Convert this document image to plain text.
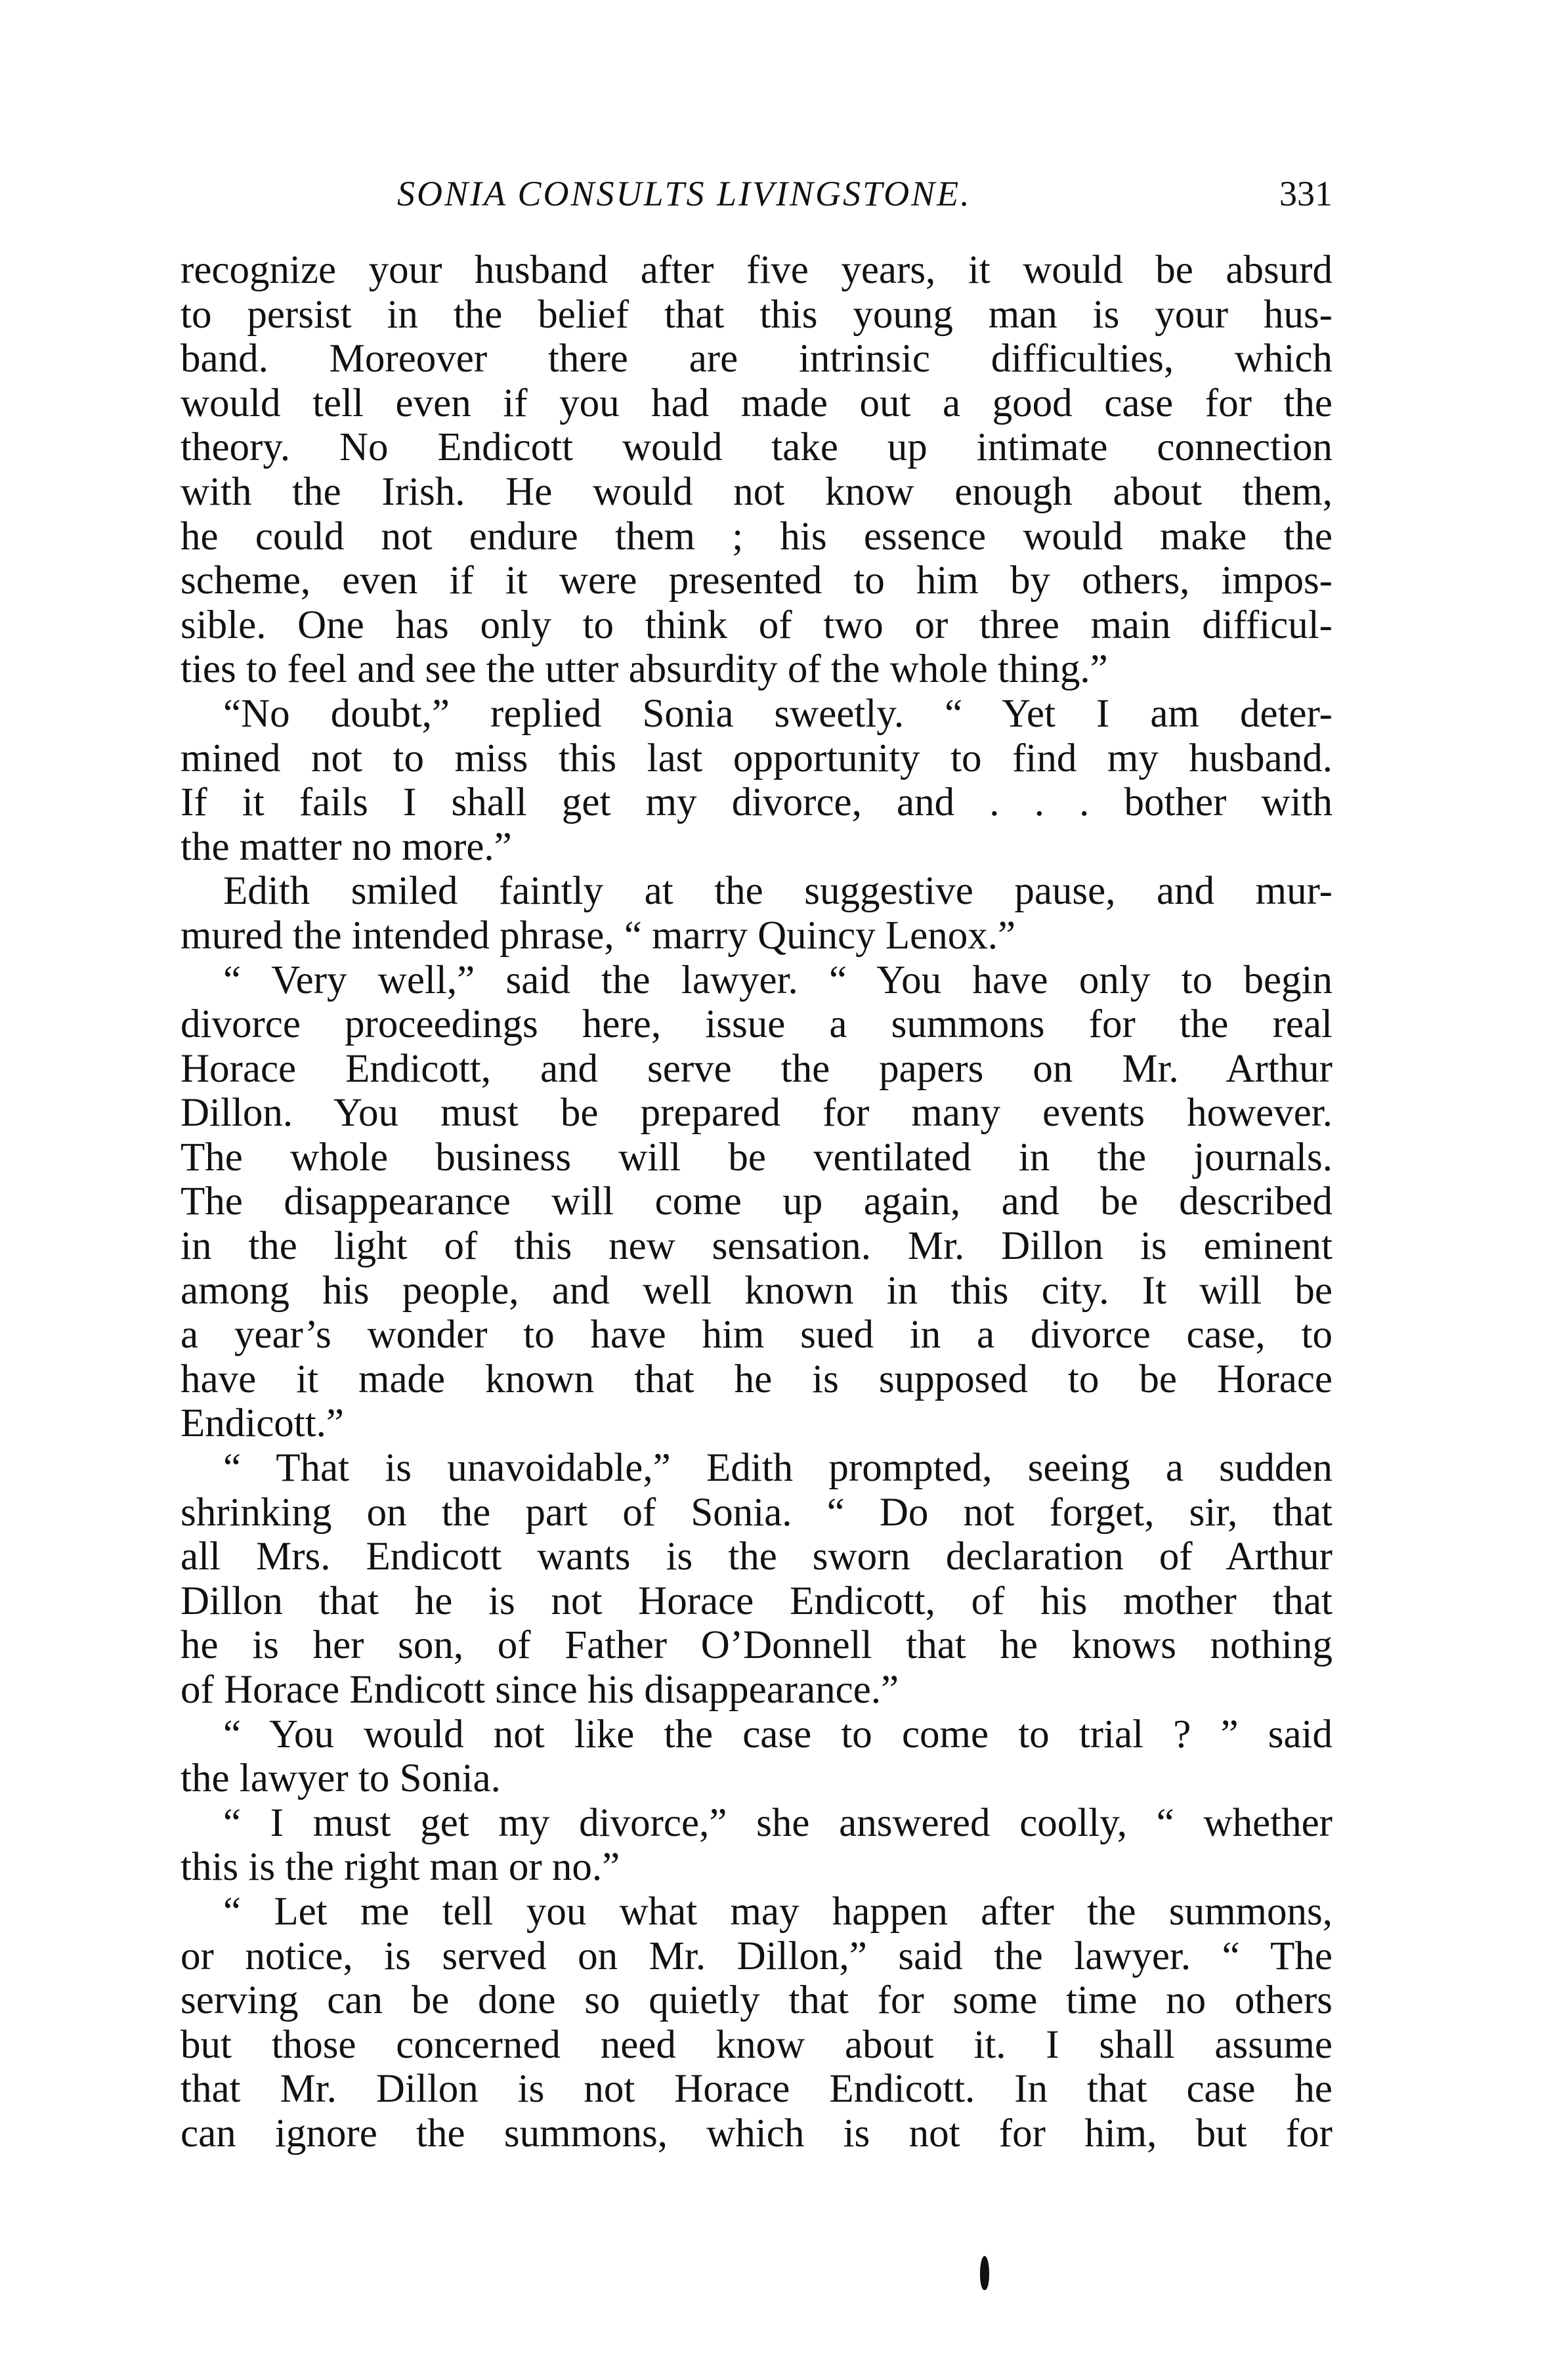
SONIA CONSULTS LIVINGSTONE.	331
recognize your husband after five years, it would be absurd
to persist in the belief that this young man is your hus-
band. Moreover there are intrinsic difficulties, which
would tell even if you had made out a good case for the
theory. No Endicott would take up intimate connection
with the Irish. He would not know enough about them,
he could not endure them ; his essence would make the
scheme, even if it were presented to him by others, impos-
sible. One has only to think of two or three main difficul-
ties to feel and see the utter absurdity of the whole thing.”
“No doubt,” replied Sonia sweetly. “ Yet I am deter-
mined not to miss this last opportunity to find my husband.
If it fails I shall get my divorce, and . . . bother with
the matter no more.”
Edith smiled faintly at the suggestive pause, and mur-
mured the intended phrase, “ marry Quincy Lenox.”
“ Very well,” said the lawyer. “ You have only to begin
divorce proceedings here, issue a summons for the real
Horace Endicott, and serve the papers on Mr. Arthur
Dillon. You must be prepared for many events however.
The whole business will be ventilated in the journals.
The disappearance will come up again, and be described
in the light of this new sensation. Mr. Dillon is eminent
among his people, and well known in this city. It will be
a year’s wonder to have him sued in a divorce case, to
have it made known that he is supposed to be Horace
Endicott.”
“ That is unavoidable,” Edith prompted, seeing a sudden
shrinking on the part of Sonia. “ Do not forget, sir, that
all Mrs. Endicott wants is the sworn declaration of Arthur
Dillon that he is not Horace Endicott, of his mother that
he is her son, of Father O’Donnell that he knows nothing
of Horace Endicott since his disappearance.”
“ You would not like the case to come to trial ? ” said
the lawyer to Sonia.
“ I must get my divorce,” she answered coolly, “ whether
this is the right man or no.”
“ Let me tell you what may happen after the summons,
or notice, is served on Mr. Dillon,” said the lawyer. “ The
serving can be done so quietly that for some time no others
but those concerned need know about it. I shall assume
that Mr. Dillon is not Horace Endicott. In that case he
can ignore the summons, which is not for him, but for
